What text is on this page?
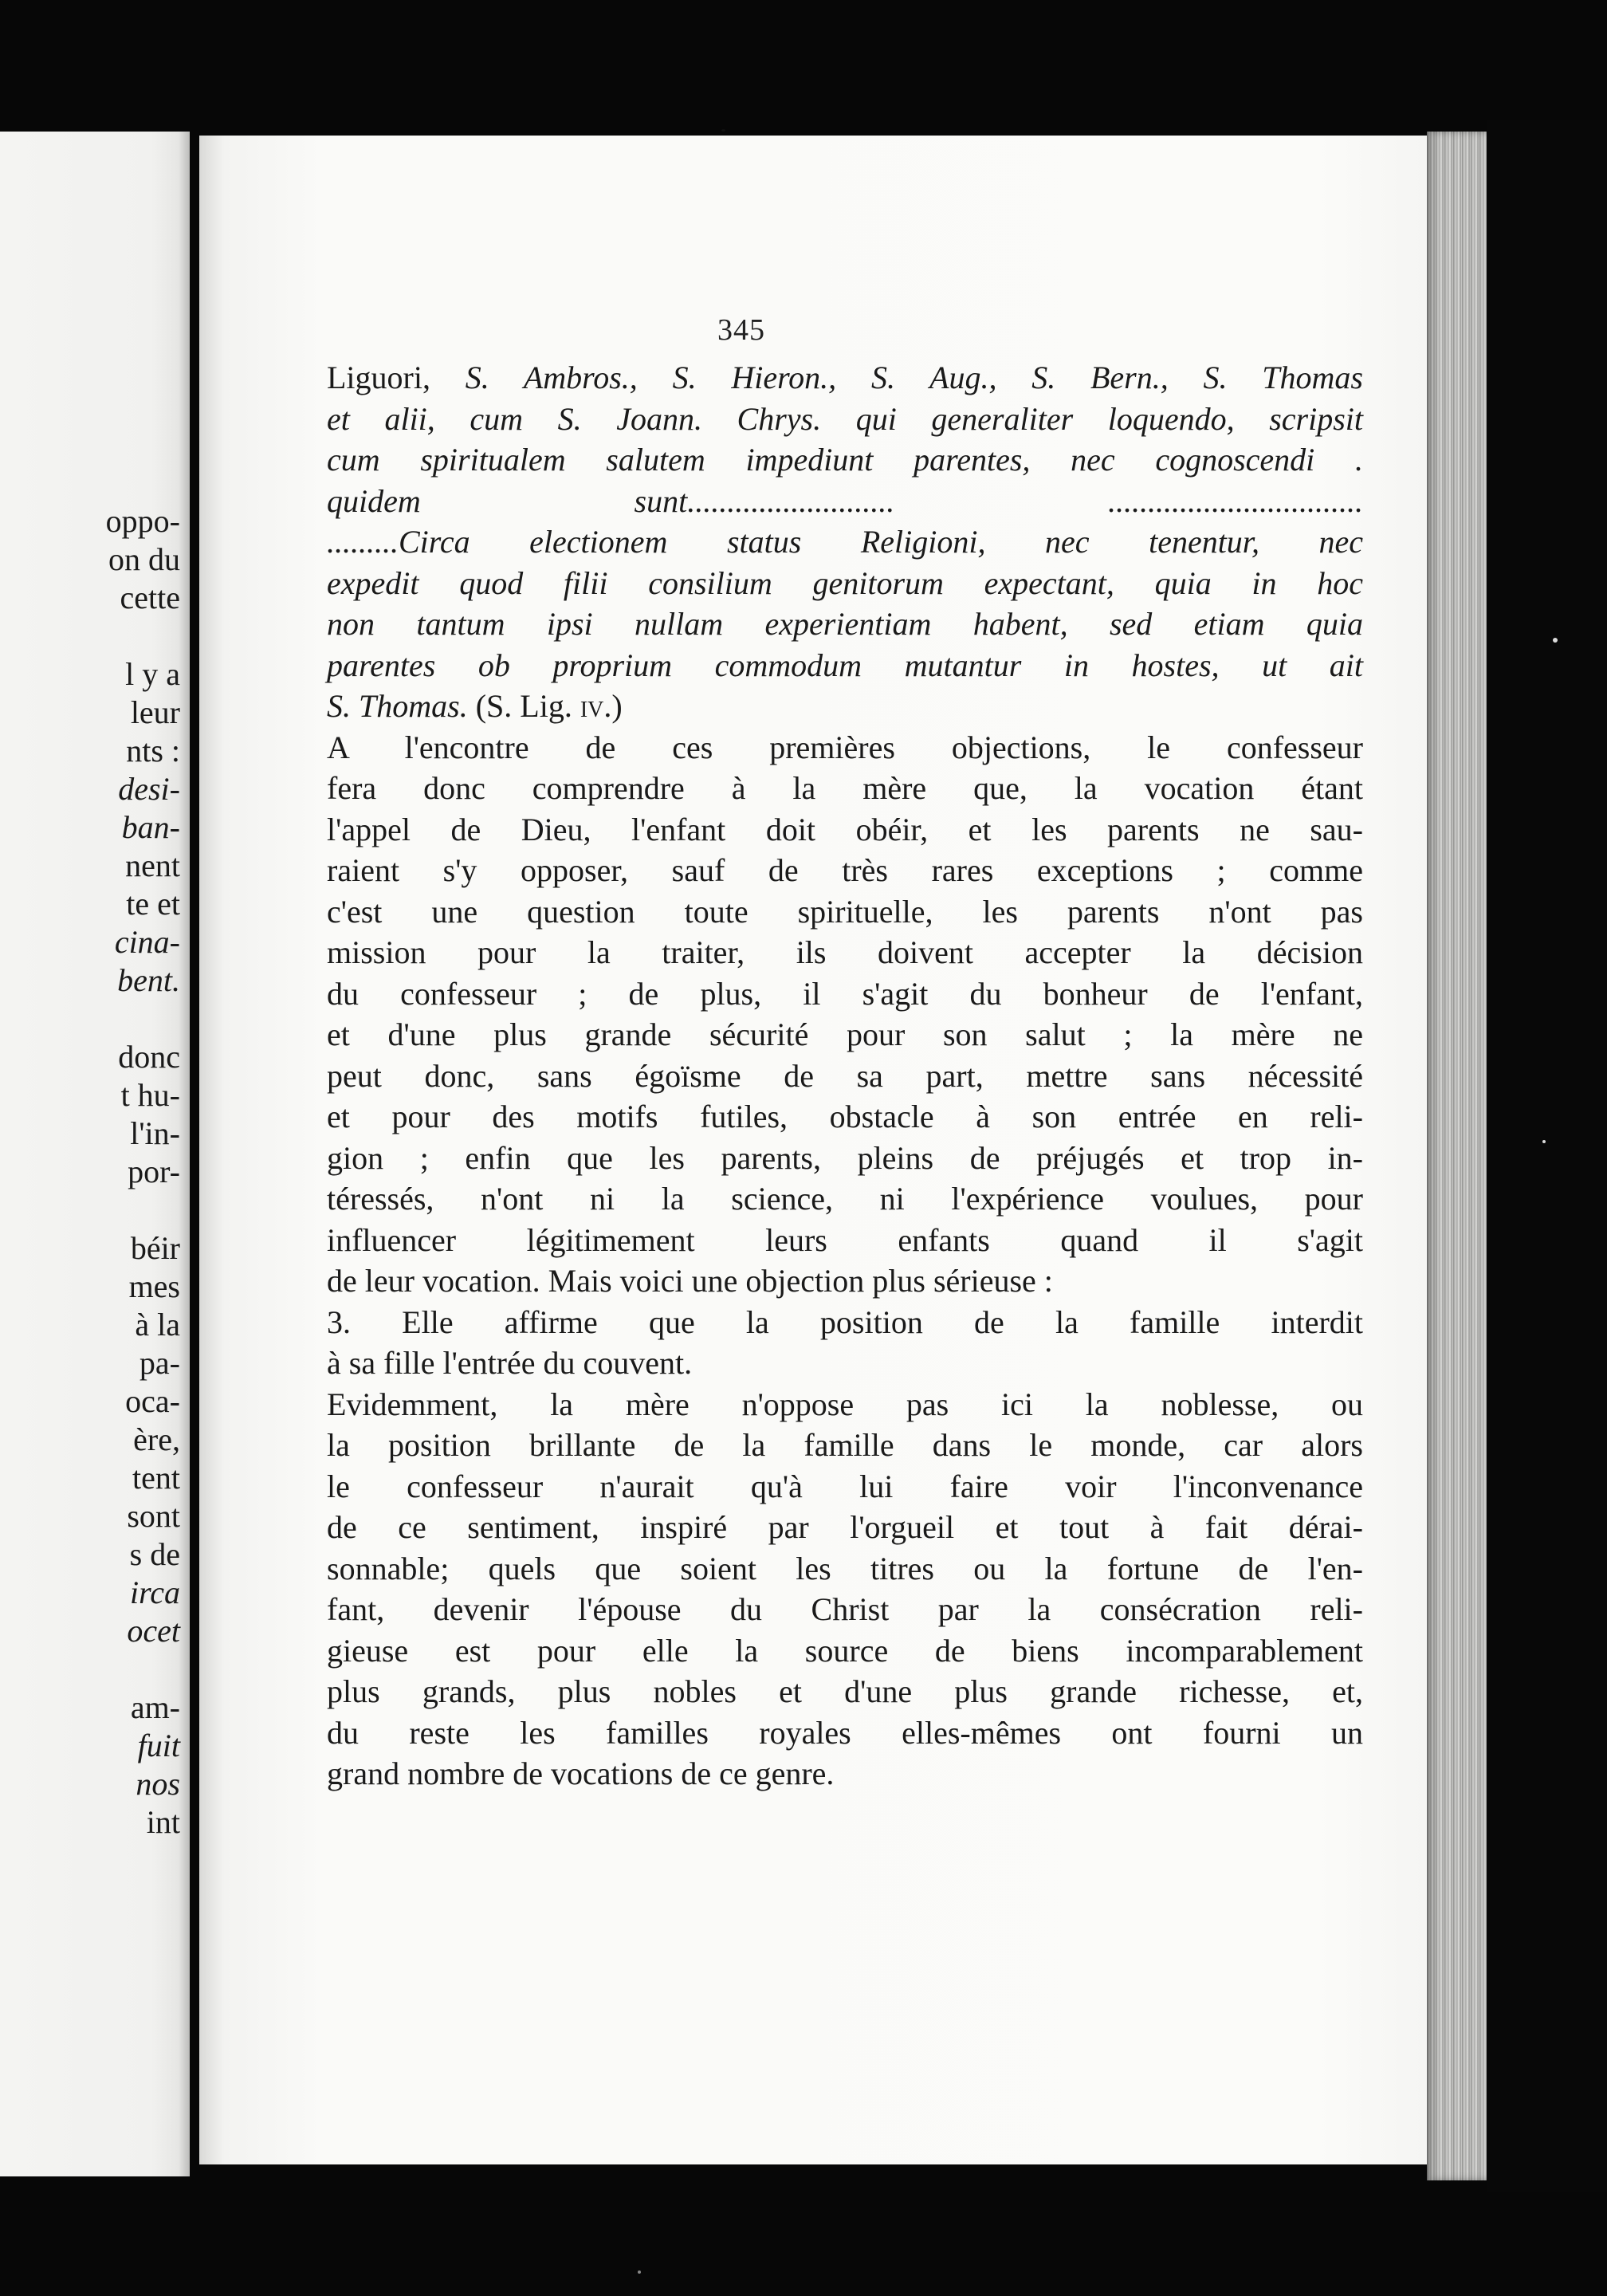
oppo-
on du
cette
l y a
leur
nts :
desi-
ban-
nent
te et
cina-
bent.
donc
t hu-
l'in-
por-
béir
mes
à la
pa-
oca-
ère,
tent
sont
s de
irca
ocet
am-
fuit
nos
int
345
Liguori, S. Ambros., S. Hieron., S. Aug., S. Bern., S. Thomas
et alii, cum S. Joann. Chrys. qui generaliter loquendo, scripsit
cum spiritualem salutem impediunt parentes, nec cognoscendi .
quidem sunt.......................... ................................
.........Circa electionem status Religioni, nec tenentur, nec
expedit quod filii consilium genitorum expectant, quia in hoc
non tantum ipsi nullam experientiam habent, sed etiam quia
parentes ob proprium commodum mutantur in hostes, ut ait
S. Thomas. (S. Lig. iv.)
A l'encontre de ces premières objections, le confesseur
fera donc comprendre à la mère que, la vocation étant
l'appel de Dieu, l'enfant doit obéir, et les parents ne sau-
raient s'y opposer, sauf de très rares exceptions ; comme
c'est une question toute spirituelle, les parents n'ont pas
mission pour la traiter, ils doivent accepter la décision
du confesseur ; de plus, il s'agit du bonheur de l'enfant,
et d'une plus grande sécurité pour son salut ; la mère ne
peut donc, sans égoïsme de sa part, mettre sans nécessité
et pour des motifs futiles, obstacle à son entrée en reli-
gion ; enfin que les parents, pleins de préjugés et trop in-
téressés, n'ont ni la science, ni l'expérience voulues, pour
influencer légitimement leurs enfants quand il s'agit
de leur vocation. Mais voici une objection plus sérieuse :
3. Elle affirme que la position de la famille interdit
à sa fille l'entrée du couvent.
Evidemment, la mère n'oppose pas ici la noblesse, ou
la position brillante de la famille dans le monde, car alors
le confesseur n'aurait qu'à lui faire voir l'inconvenance
de ce sentiment, inspiré par l'orgueil et tout à fait dérai-
sonnable; quels que soient les titres ou la fortune de l'en-
fant, devenir l'épouse du Christ par la consécration reli-
gieuse est pour elle la source de biens incomparablement
plus grands, plus nobles et d'une plus grande richesse, et,
du reste les familles royales elles-mêmes ont fourni un
grand nombre de vocations de ce genre.
